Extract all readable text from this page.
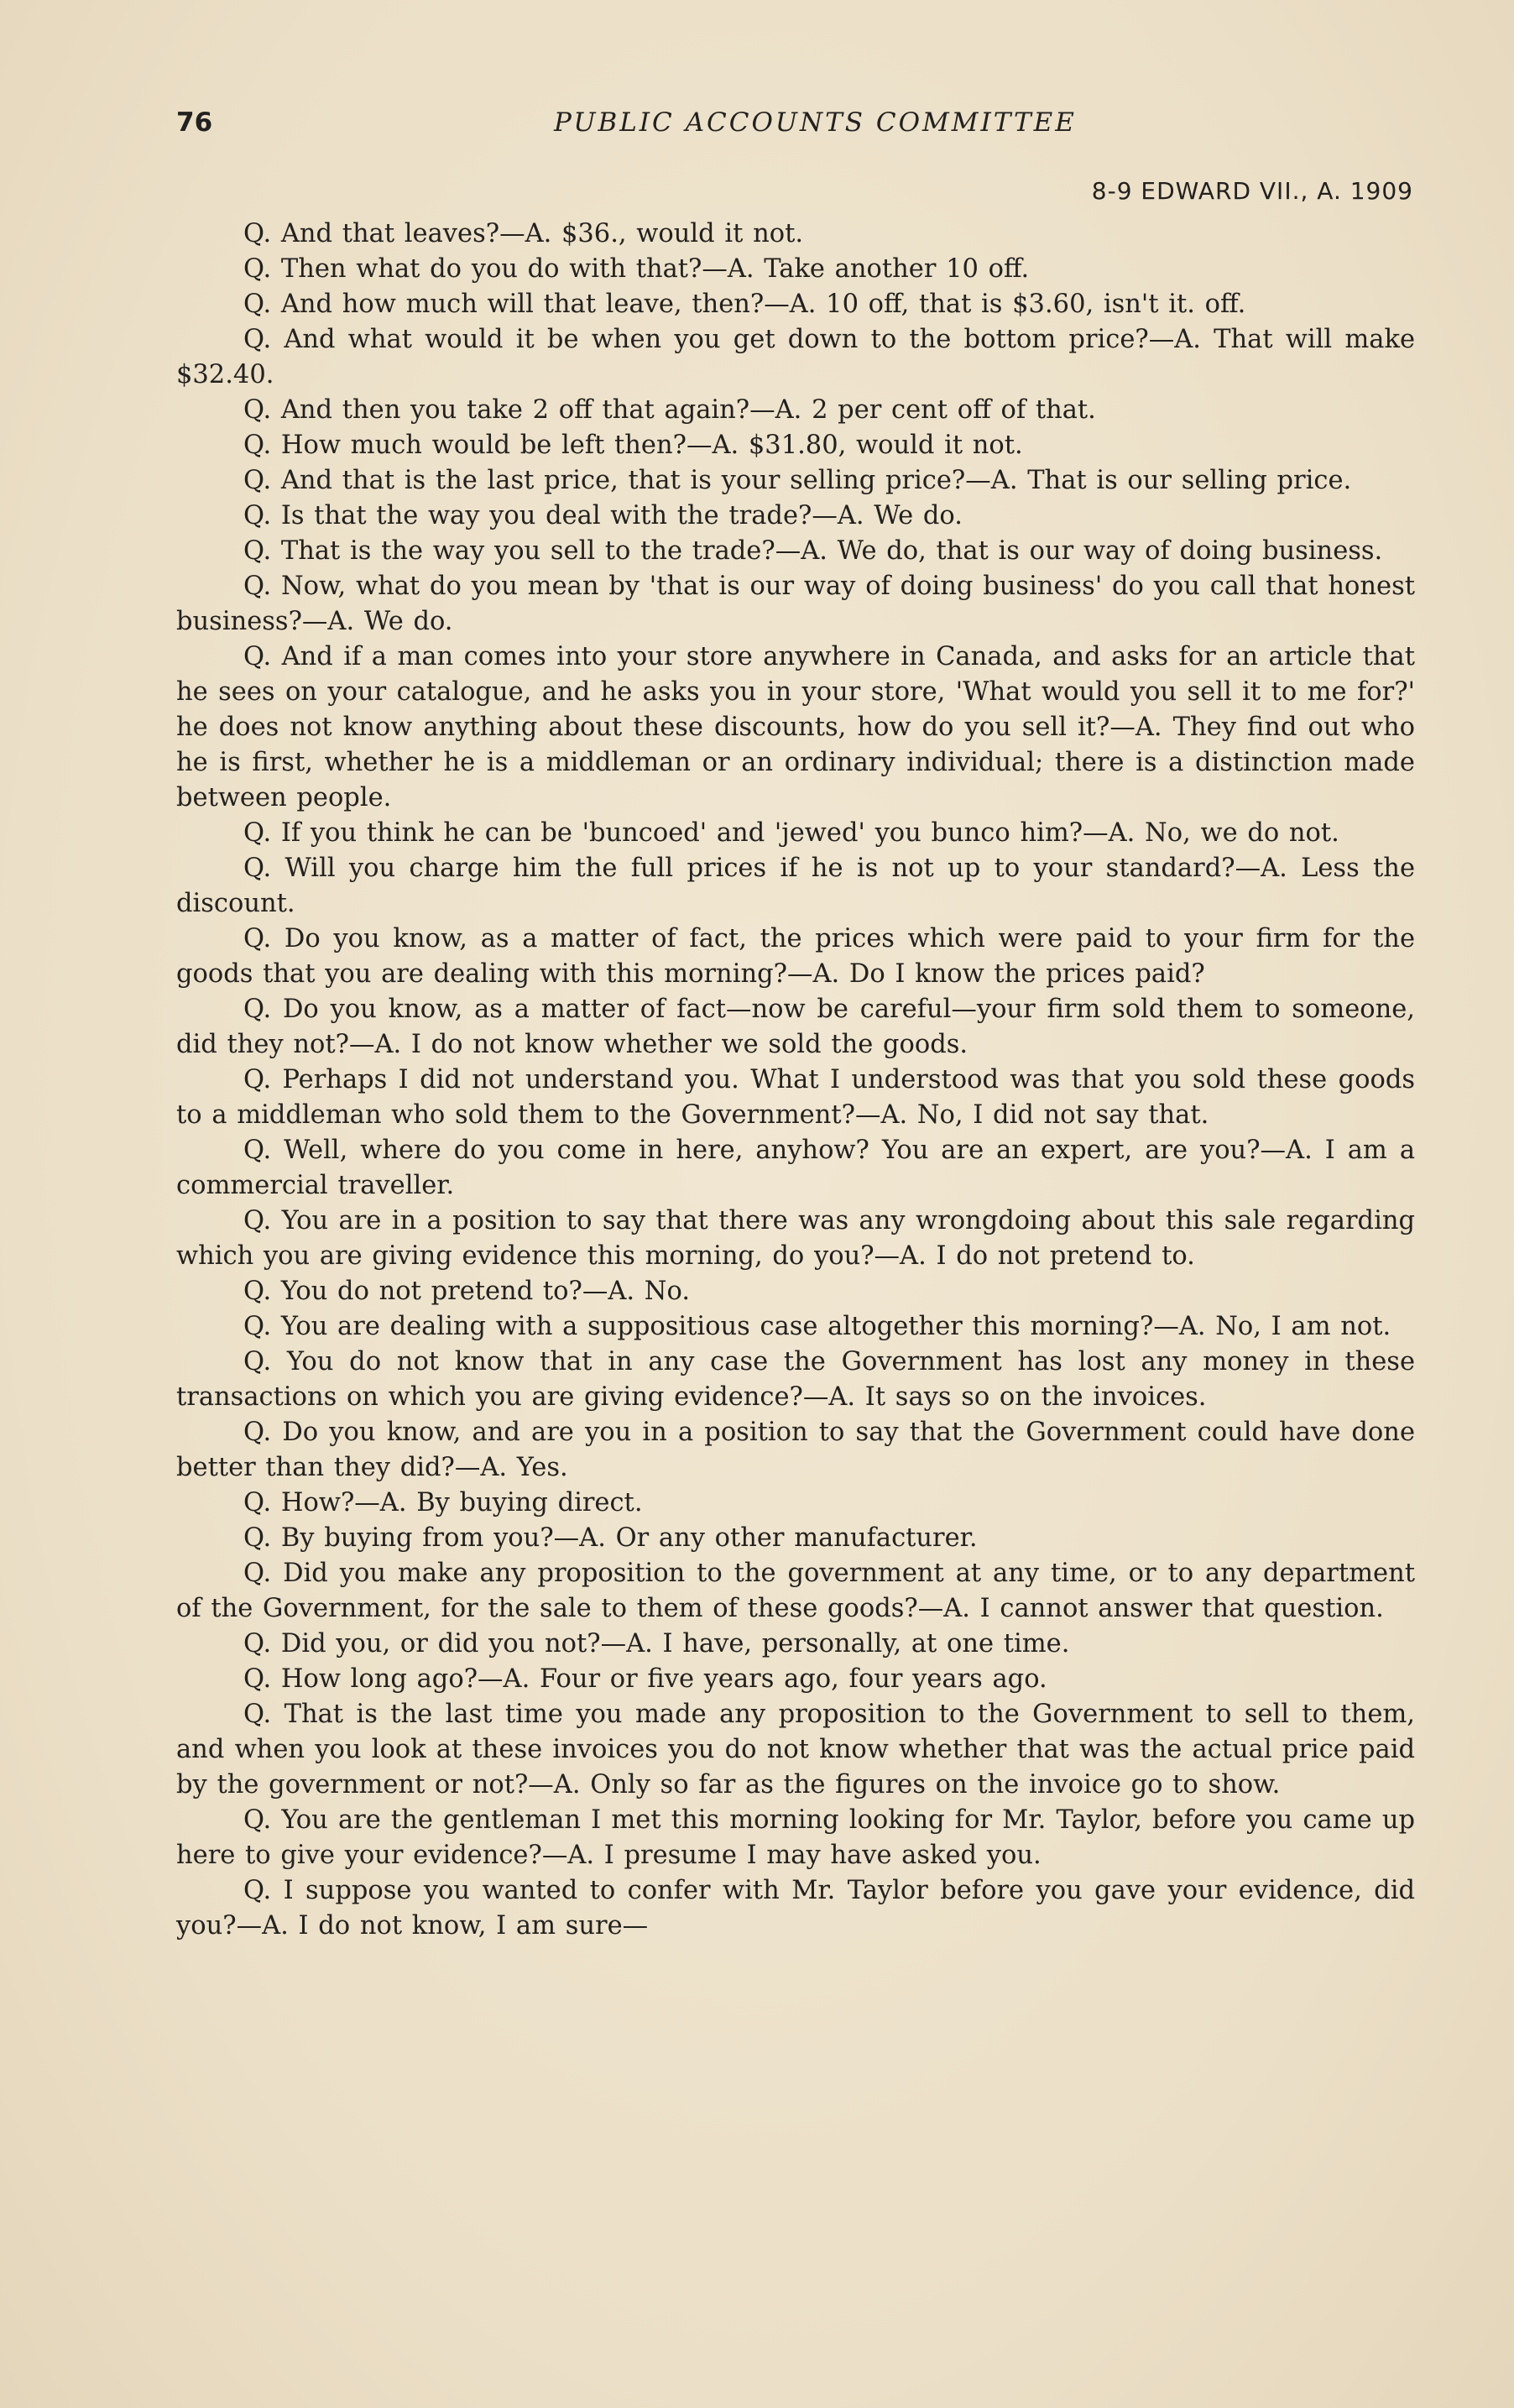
76	PUBLIC ACCOUNTS COMMITTEE
8-9 EDWARD VII., A. 1909

Q. And that leaves?—A. $36., would it not.

Q. Then what do you do with that?—A. Take another 10 off.

Q. And how much will that leave, then?—A. 10 off, that is $3.60, isn't it. off.

Q. And what would it be when you get down to the bottom price?—A. That will make $32.40.

Q. And then you take 2 off that again?—A. 2 per cent off of that.

Q. How much would be left then?—A. $31.80, would it not.

Q. And that is the last price, that is your selling price?—A. That is our selling price.

Q. Is that the way you deal with the trade?—A. We do.

Q. That is the way you sell to the trade?—A. We do, that is our way of doing business.

Q. Now, what do you mean by 'that is our way of doing business' do you call that honest business?—A. We do.

Q. And if a man comes into your store anywhere in Canada, and asks for an article that he sees on your catalogue, and he asks you in your store, 'What would you sell it to me for?' he does not know anything about these discounts, how do you sell it?—A. They find out who he is first, whether he is a middleman or an ordinary individual; there is a distinction made between people.

Q. If you think he can be 'buncoed' and 'jewed' you bunco him?—A. No, we do not.

Q. Will you charge him the full prices if he is not up to your standard?—A. Less the discount.

Q. Do you know, as a matter of fact, the prices which were paid to your firm for the goods that you are dealing with this morning?—A. Do I know the prices paid?

Q. Do you know, as a matter of fact—now be careful—your firm sold them to someone, did they not?—A. I do not know whether we sold the goods.

Q. Perhaps I did not understand you. What I understood was that you sold these goods to a middleman who sold them to the Government?—A. No, I did not say that.

Q. Well, where do you come in here, anyhow? You are an expert, are you?—A. I am a commercial traveller.

Q. You are in a position to say that there was any wrongdoing about this sale regarding which you are giving evidence this morning, do you?—A. I do not pretend to.

Q. You do not pretend to?—A. No.

Q. You are dealing with a suppositious case altogether this morning?—A. No, I am not.

Q. You do not know that in any case the Government has lost any money in these transactions on which you are giving evidence?—A. It says so on the invoices.

Q. Do you know, and are you in a position to say that the Government could have done better than they did?—A. Yes.

Q. How?—A. By buying direct.

Q. By buying from you?—A. Or any other manufacturer.

Q. Did you make any proposition to the government at any time, or to any department of the Government, for the sale to them of these goods?—A. I cannot answer that question.

Q. Did you, or did you not?—A. I have, personally, at one time.

Q. How long ago?—A. Four or five years ago, four years ago.

Q. That is the last time you made any proposition to the Government to sell to them, and when you look at these invoices you do not know whether that was the actual price paid by the government or not?—A. Only so far as the figures on the invoice go to show.

Q. You are the gentleman I met this morning looking for Mr. Taylor, before you came up here to give your evidence?—A. I presume I may have asked you.

Q. I suppose you wanted to confer with Mr. Taylor before you gave your evidence, did you?—A. I do not know, I am sure—
